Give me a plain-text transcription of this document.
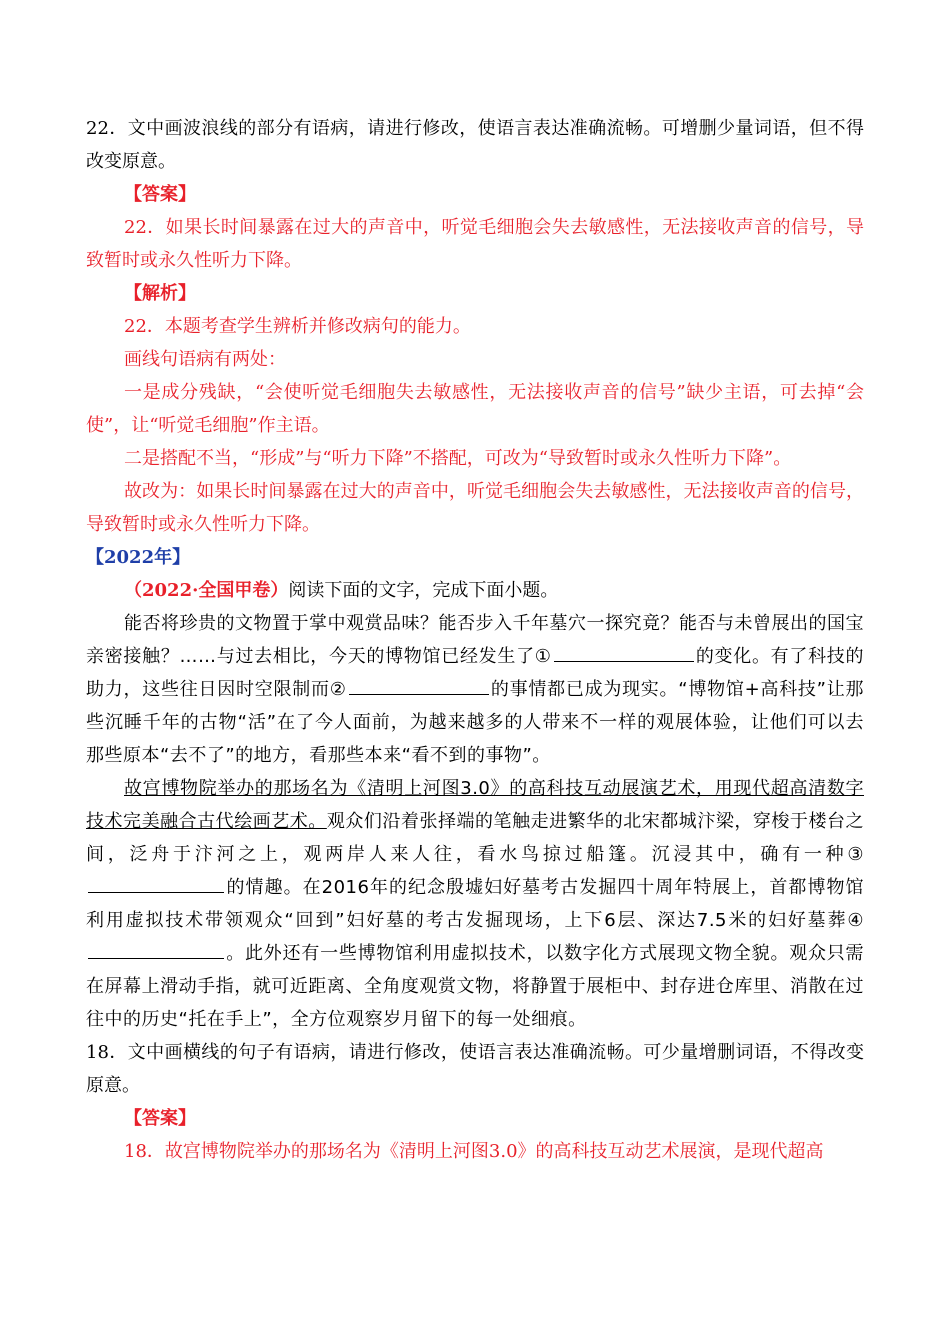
22．文中画波浪线的部分有语病，请进行修改，使语言表达准确流畅。可增删少量词语，但不得改变原意。

【答案】

22．如果长时间暴露在过大的声音中，听觉毛细胞会失去敏感性，无法接收声音的信号，导致暂时或永久性听力下降。

【解析】

22．本题考查学生辨析并修改病句的能力。

画线句语病有两处：

一是成分残缺，“会使听觉毛细胞失去敏感性，无法接收声音的信号”缺少主语，可去掉“会使”，让“听觉毛细胞”作主语。

二是搭配不当，“形成”与“听力下降”不搭配，可改为“导致暂时或永久性听力下降”。

故改为：如果长时间暴露在过大的声音中，听觉毛细胞会失去敏感性，无法接收声音的信号，导致暂时或永久性听力下降。

【2022年】

（2022·全国甲卷）阅读下面的文字，完成下面小题。

能否将珍贵的文物置于掌中观赏品味？能否步入千年墓穴一探究竟？能否与未曾展出的国宝亲密接触？……与过去相比，今天的博物馆已经发生了①	的变化。有了科技的助力，这些往日因时空限制而②	的事情都已成为现实。“博物馆+高科技”让那些沉睡千年的古物“活”在了今人面前，为越来越多的人带来不一样的观展体验，让他们可以去那些原本“去不了”的地方，看那些本来“看不到的事物”。

故宫博物院举办的那场名为《清明上河图3.0》的高科技互动展演艺术，用现代超高清数字技术完美融合古代绘画艺术。观众们沿着张择端的笔触走进繁华的北宋都城汴梁，穿梭于楼台之间，泛舟于汴河之上，观两岸人来人往，看水鸟掠过船篷。沉浸其中，确有一种③的情趣。在2016年的纪念殷墟妇好墓考古发掘四十周年特展上，首都博物馆利用虚拟技术带领观众“回到”妇好墓的考古发掘现场，上下6层、深达7.5米的妇好墓葬④。此外还有一些博物馆利用虚拟技术，以数字化方式展现文物全貌。观众只需在屏幕上滑动手指，就可近距离、全角度观赏文物，将静置于展柜中、封存进仓库里、消散在过往中的历史“托在手上”，全方位观察岁月留下的每一处细痕。

18．文中画横线的句子有语病，请进行修改，使语言表达准确流畅。可少量增删词语，不得改变原意。

【答案】

18．故宫博物院举办的那场名为《清明上河图3.0》的高科技互动艺术展演，是现代超高
